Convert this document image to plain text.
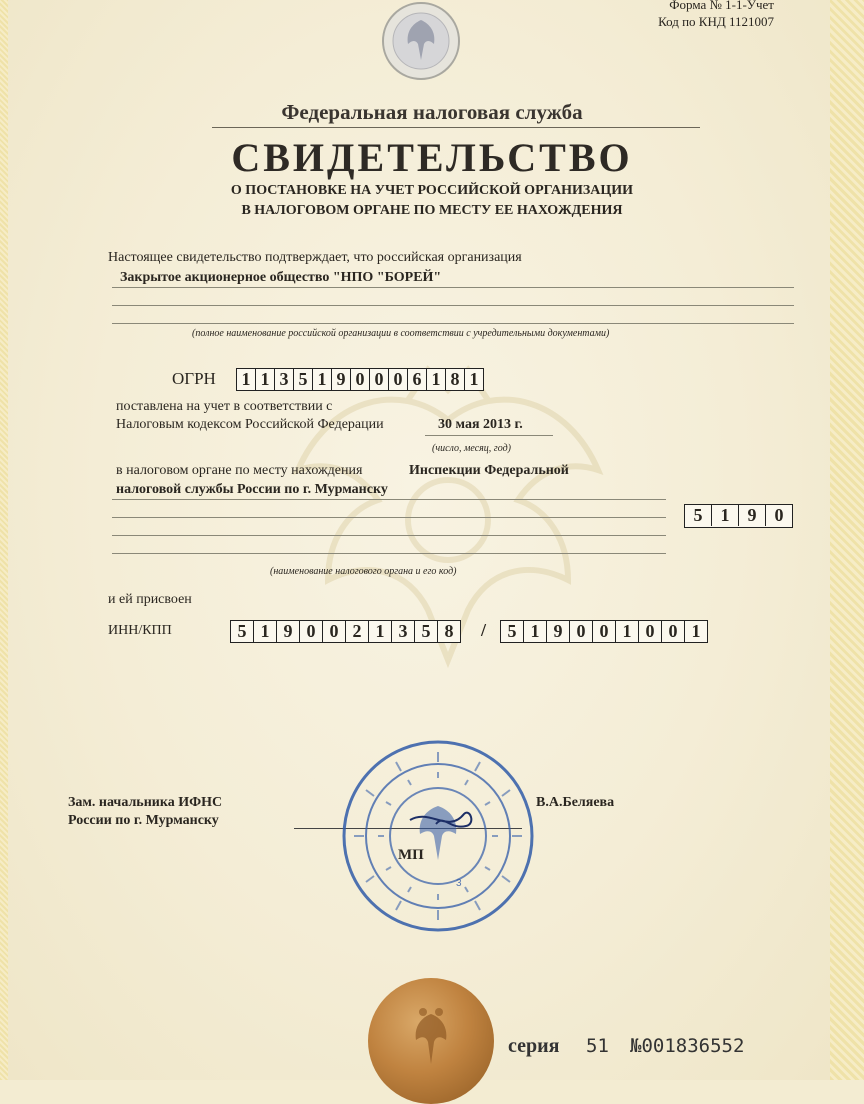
Форма № 1-1-Учет
Код по КНД 1121007
Федеральная налоговая служба
СВИДЕТЕЛЬСТВО
О ПОСТАНОВКЕ НА УЧЕТ РОССИЙСКОЙ ОРГАНИЗАЦИИ
В НАЛОГОВОМ ОРГАНЕ ПО МЕСТУ ЕЕ НАХОЖДЕНИЯ
Настоящее свидетельство подтверждает, что российская организация
Закрытое акционерное общество "НПО "БОРЕЙ"
(полное наименование российской организации в соответствии с учредительными документами)
ОГРН 1 1 3 5 1 9 0 0 0 6 1 8 1
поставлена на учет в соответствии с
Налоговым кодексом Российской Федерации	30 мая 2013 г.
(число, месяц, год)
в налоговом органе по месту нахождения	Инспекции Федеральной
налоговой службы России по г. Мурманску
5	1	9	0
(наименование налогового органа и его код)
и ей присвоен
ИНН/КПП	5 1 9 0 0 2 1 3 5 8	/	5 1 9 0 0 1 0 0 1
Зам. начальника ИФНС
России по г. Мурманску
В.А.Беляева
3
МП
серия 51 №001836552
